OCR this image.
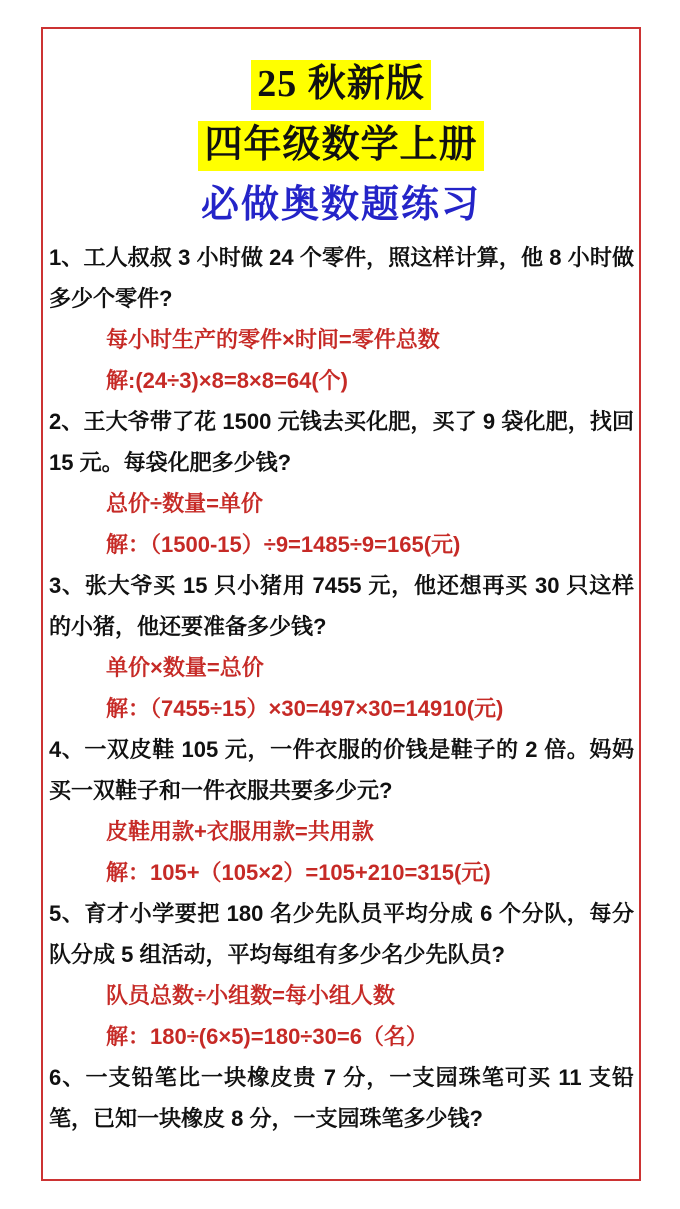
25 秋新版
四年级数学上册
必做奥数题练习
1、工人叔叔 3 小时做 24 个零件，照这样计算，他 8 小时做多少个零件?
每小时生产的零件×时间=零件总数
解:(24÷3)×8=8×8=64(个)
2、王大爷带了花 1500 元钱去买化肥，买了 9 袋化肥，找回 15 元。每袋化肥多少钱?
总价÷数量=单价
解：（1500-15）÷9=1485÷9=165(元)
3、张大爷买 15 只小猪用 7455 元，他还想再买 30 只这样的小猪，他还要准备多少钱?
单价×数量=总价
解：（7455÷15）×30=497×30=14910(元)
4、一双皮鞋 105 元，一件衣服的价钱是鞋子的 2 倍。妈妈买一双鞋子和一件衣服共要多少元?
皮鞋用款+衣服用款=共用款
解：105+（105×2）=105+210=315(元)
5、育才小学要把 180 名少先队员平均分成 6 个分队，每分队分成 5 组活动，平均每组有多少名少先队员?
队员总数÷小组数=每小组人数
解：180÷(6×5)=180÷30=6（名）
6、一支铅笔比一块橡皮贵 7 分，一支园珠笔可买 11 支铅笔，已知一块橡皮 8 分，一支园珠笔多少钱?
